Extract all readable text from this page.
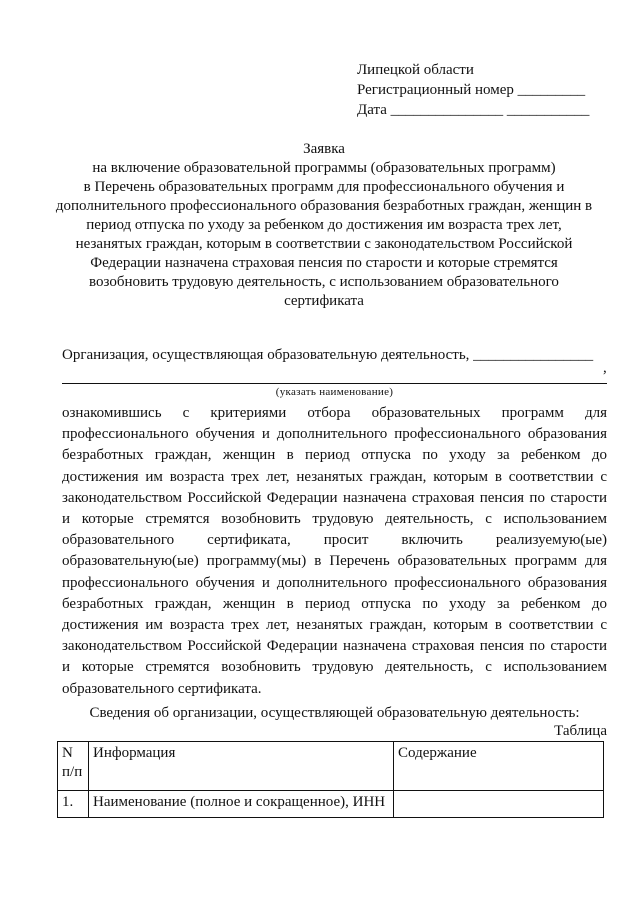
Липецкой области
Регистрационный номер _________
Дата _______________ ___________
Заявка
на включение образовательной программы (образовательных программ)
в Перечень образовательных программ для профессионального обучения и
дополнительного профессионального образования безработных граждан, женщин в
период отпуска по уходу за ребенком до достижения им возраста трех лет,
незанятых граждан, которым в соответствии с законодательством Российской
Федерации назначена страховая пенсия по старости и которые стремятся
возобновить трудовую деятельность, с использованием образовательного
сертификата
Организация, осуществляющая образовательную деятельность, ________________
,
(указать наименование)
ознакомившись с критериями отбора образовательных программ для профессионального обучения и дополнительного профессионального образования безработных граждан, женщин в период отпуска по уходу за ребенком до достижения им возраста трех лет, незанятых граждан, которым в соответствии с законодательством Российской Федерации назначена страховая пенсия по старости и которые стремятся возобновить трудовую деятельность, с использованием образовательного сертификата, просит включить реализуемую(ые) образовательную(ые) программу(мы) в Перечень образовательных программ для профессионального обучения и дополнительного профессионального образования безработных граждан, женщин в период отпуска по уходу за ребенком до достижения им возраста трех лет, незанятых граждан, которым в соответствии с законодательством Российской Федерации назначена страховая пенсия по старости и которые стремятся возобновить трудовую деятельность, с использованием образовательного сертификата.
Сведения об организации, осуществляющей образовательную деятельность:
Таблица
N п/п	Информация	Содержание
1.	Наименование (полное и сокращенное), ИНН	
